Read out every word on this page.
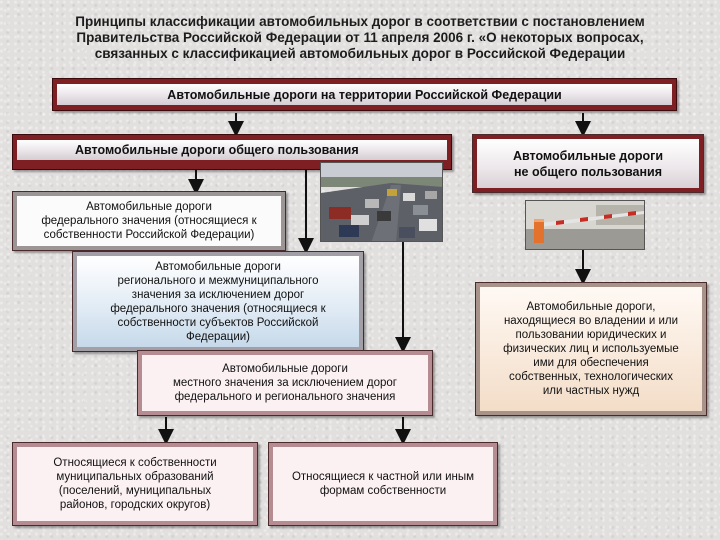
Принципы классификации автомобильных дорог в соответствии с постановлением
Правительства Российской Федерации от 11 апреля 2006 г. «О некоторых вопросах,
связанных с классификацией автомобильных дорог в Российской Федерации
Автомобильные дороги на территории Российской Федерации
Автомобильные дороги общего пользования	Автомобильные дороги
не общего пользования
Автомобильные дороги
федерального значения (относящиеся к
собственности Российской Федерации)
Автомобильные дороги
регионального и межмуниципального
значения за исключением дорог
федерального значения (относящиеся к
собственности субъектов Российской
Федерации)
Автомобильные дороги,
находящиеся во владении и или
пользовании юридических и
физических лиц и используемые
ими для обеспечения
собственных, технологических
или частных нужд
Автомобильные дороги
местного значения за исключением дорог
федерального и регионального значения
Относящиеся к собственности
муниципальных образований
(поселений, муниципальных
районов, городских округов)
Относящиеся к частной или иным
формам собственности
